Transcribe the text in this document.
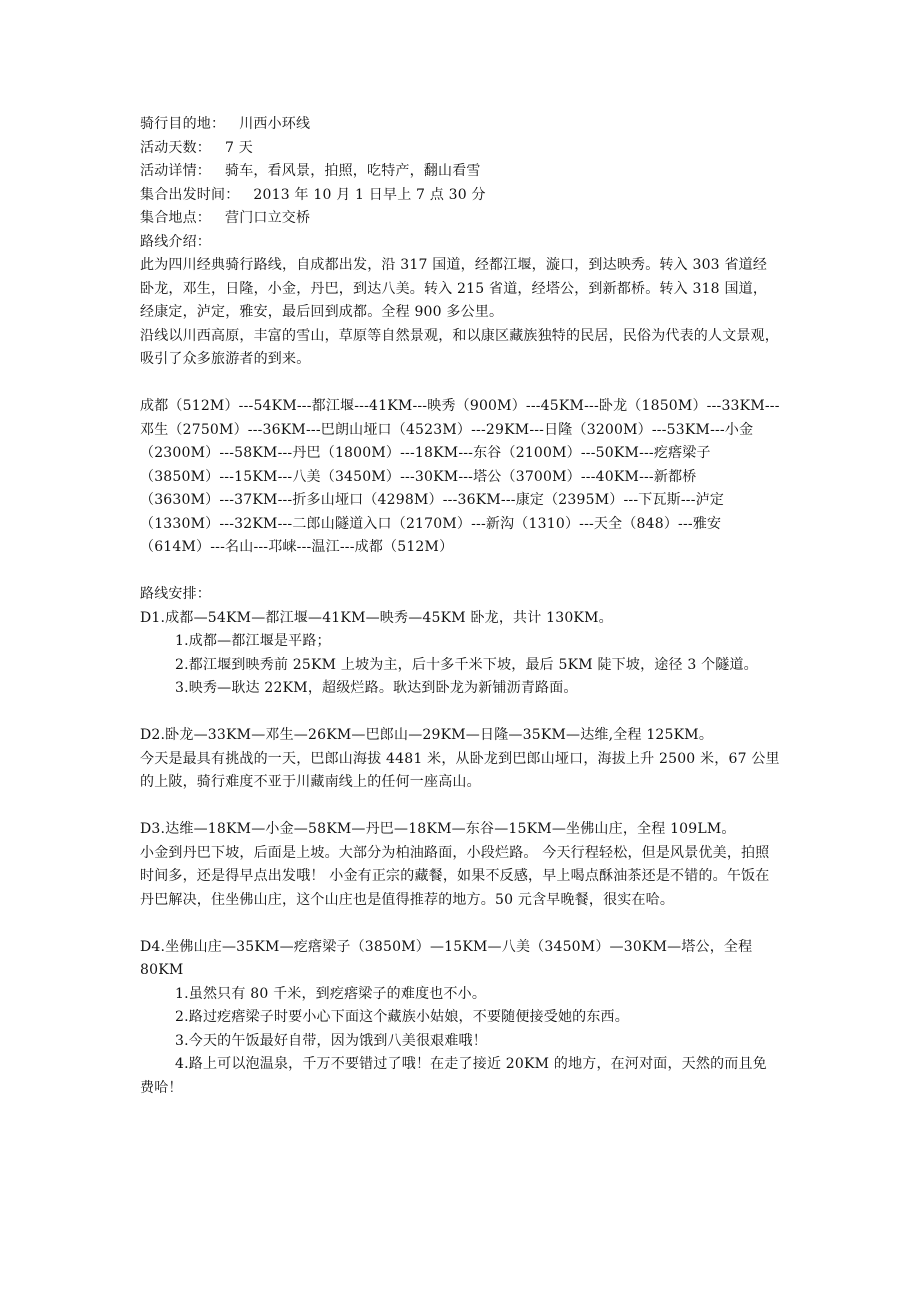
骑行目的地： 川西小环线
活动天数： 7 天
活动详情： 骑车，看风景，拍照，吃特产，翻山看雪
集合出发时间： 2013 年 10 月 1 日早上 7 点 30 分
集合地点： 营门口立交桥
路线介绍：
此为四川经典骑行路线，自成都出发，沿 317 国道，经都江堰，漩口，到达映秀。转入 303 省道经卧龙，邓生，日隆，小金，丹巴，到达八美。转入 215 省道，经塔公，到新都桥。转入 318 国道，经康定，泸定，雅安，最后回到成都。全程 900 多公里。
沿线以川西高原，丰富的雪山，草原等自然景观，和以康区藏族独特的民居，民俗为代表的人文景观，吸引了众多旅游者的到来。
成都（512M）---54KM---都江堰---41KM---映秀（900M）---45KM---卧龙（1850M）---33KM---邓生（2750M）---36KM---巴朗山垭口（4523M）---29KM---日隆（3200M）---53KM---小金（2300M）---58KM---丹巴（1800M）---18KM---东谷（2100M）---50KM---疙瘩梁子（3850M）---15KM---八美（3450M）---30KM---塔公（3700M）---40KM---新都桥（3630M）---37KM---折多山垭口（4298M）---36KM---康定（2395M）---下瓦斯---泸定（1330M）---32KM---二郎山隧道入口（2170M）---新沟（1310）---天全（848）---雅安（614M）---名山---邛崃---温江---成都（512M）
路线安排：
D1.成都—54KM—都江堰—41KM—映秀—45KM 卧龙，共计 130KM。
1.成都—都江堰是平路；
2.都江堰到映秀前 25KM 上坡为主，后十多千米下坡，最后 5KM 陡下坡，途径 3 个隧道。
3.映秀—耿达 22KM，超级烂路。耿达到卧龙为新铺沥青路面。
D2.卧龙—33KM—邓生—26KM—巴郎山—29KM—日隆—35KM—达维,全程 125KM。
今天是最具有挑战的一天，巴郎山海拔 4481 米，从卧龙到巴郎山垭口，海拔上升 2500 米，67 公里 的上陂，骑行难度不亚于川藏南线上的任何一座高山。
D3.达维—18KM—小金—58KM—丹巴—18KM—东谷—15KM—坐佛山庄，全程 109LM。
小金到丹巴下坡，后面是上坡。大部分为柏油路面，小段烂路。 今天行程轻松，但是风景优美，拍照时间多，还是得早点出发哦！ 小金有正宗的藏餐，如果不反感，早上喝点酥油茶还是不错的。午饭在丹巴解决，住坐佛山庄，这个山庄也是值得推荐的地方。50 元含早晚餐，很实在哈。
D4.坐佛山庄—35KM—疙瘩梁子（3850M）—15KM—八美（3450M）—30KM—塔公，全程 80KM
1.虽然只有 80 千米，到疙瘩梁子的难度也不小。
2.路过疙瘩梁子时要小心下面这个藏族小姑娘，不要随便接受她的东西。
3.今天的午饭最好自带，因为饿到八美很艰难哦！
4.路上可以泡温泉，千万不要错过了哦！在走了接近 20KM 的地方，在河对面，天然的而且免费哈！
